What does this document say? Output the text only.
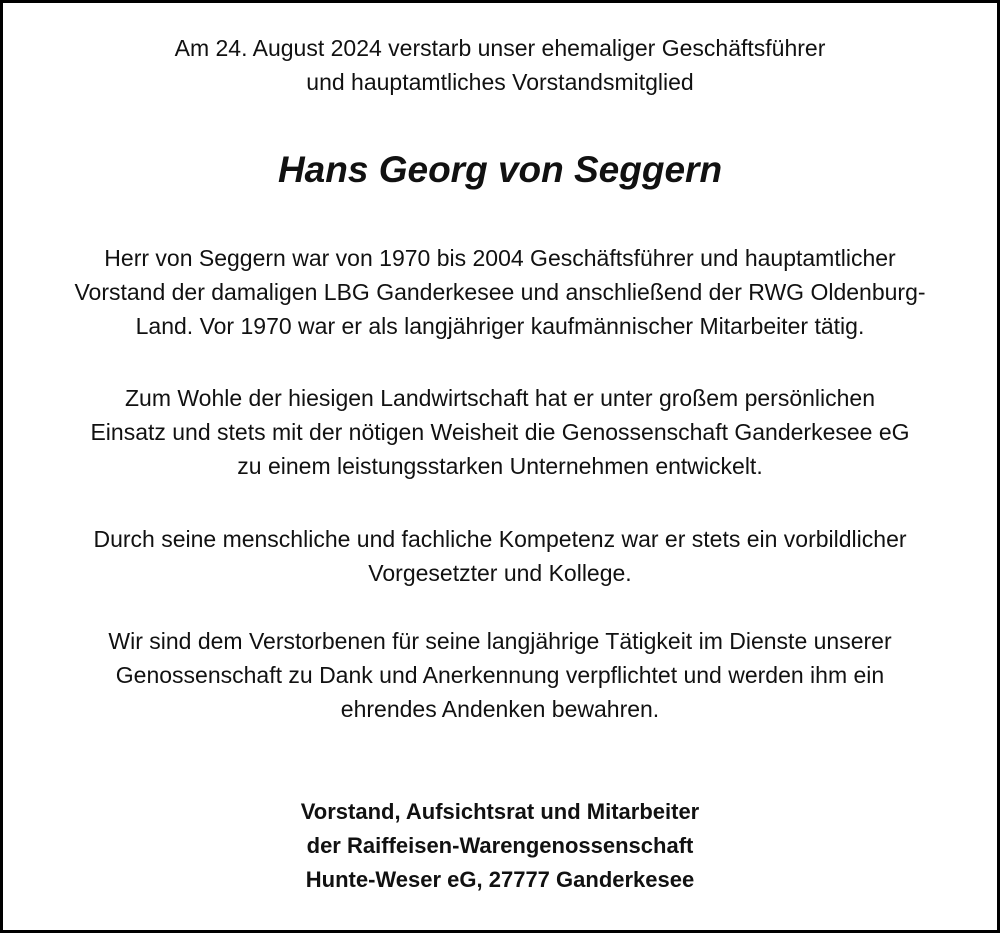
Am 24. August 2024 verstarb unser ehemaliger Geschäftsführer
und hauptamtliches Vorstandsmitglied
Hans Georg von Seggern
Herr von Seggern war von 1970 bis 2004 Geschäftsführer und hauptamtlicher
Vorstand der damaligen LBG Ganderkesee und anschließend der RWG Oldenburg-
Land. Vor 1970 war er als langjähriger kaufmännischer Mitarbeiter tätig.
Zum Wohle der hiesigen Landwirtschaft hat er unter großem persönlichen
Einsatz und stets mit der nötigen Weisheit die Genossenschaft Ganderkesee eG
zu einem leistungsstarken Unternehmen entwickelt.
Durch seine menschliche und fachliche Kompetenz war er stets ein vorbildlicher
Vorgesetzter und Kollege.
Wir sind dem Verstorbenen für seine langjährige Tätigkeit im Dienste unserer
Genossenschaft zu Dank und Anerkennung verpflichtet und werden ihm ein
ehrendes Andenken bewahren.
Vorstand, Aufsichtsrat und Mitarbeiter
der Raiffeisen-Warengenossenschaft
Hunte-Weser eG, 27777 Ganderkesee
